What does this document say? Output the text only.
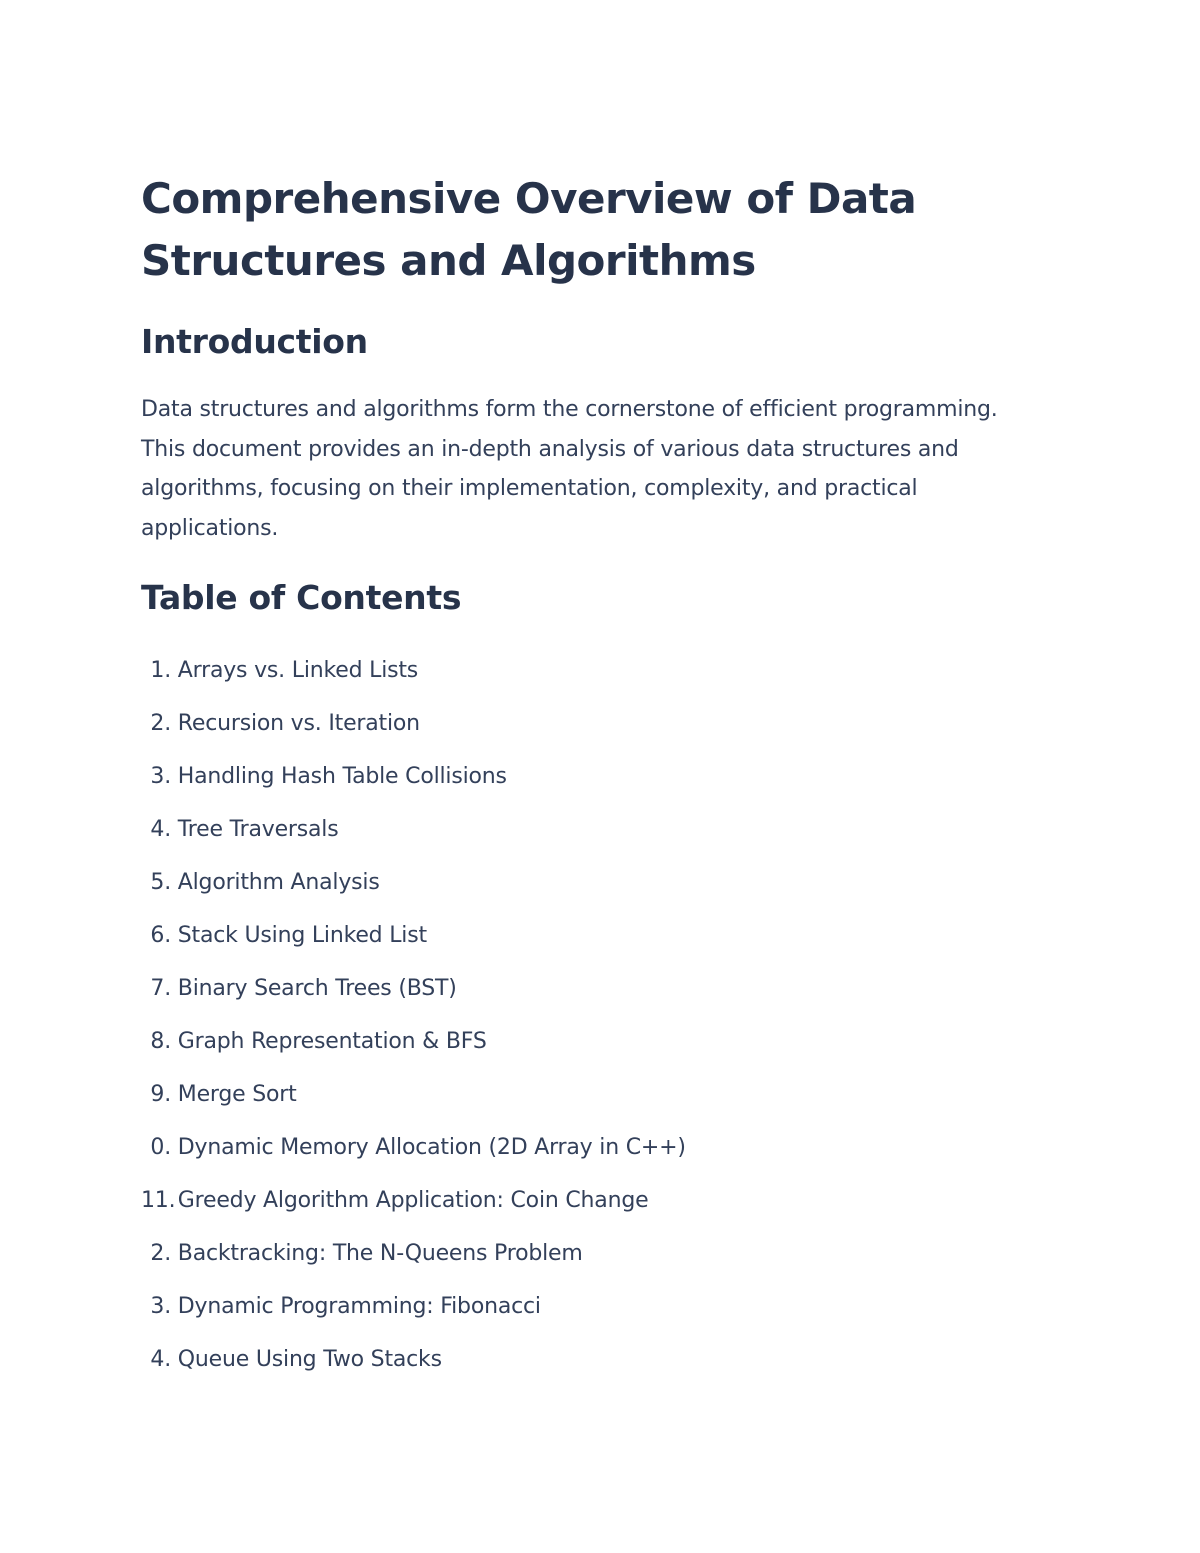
Comprehensive Overview of Data Structures and Algorithms
Introduction

Data structures and algorithms form the cornerstone of efficient programming. This document provides an in-depth analysis of various data structures and algorithms, focusing on their implementation, complexity, and practical applications.

Table of Contents
1.
Arrays vs. Linked Lists
2.
Recursion vs. Iteration
3.
Handling Hash Table Collisions
4.
Tree Traversals
5.
Algorithm Analysis
6.
Stack Using Linked List
7.
Binary Search Trees (BST)
8.
Graph Representation & BFS
9.
Merge Sort
0.
Dynamic Memory Allocation (2D Array in C++)
11.
Greedy Algorithm Application: Coin Change
2.
Backtracking: The N-Queens Problem
3.
Dynamic Programming: Fibonacci
4.
Queue Using Two Stacks
